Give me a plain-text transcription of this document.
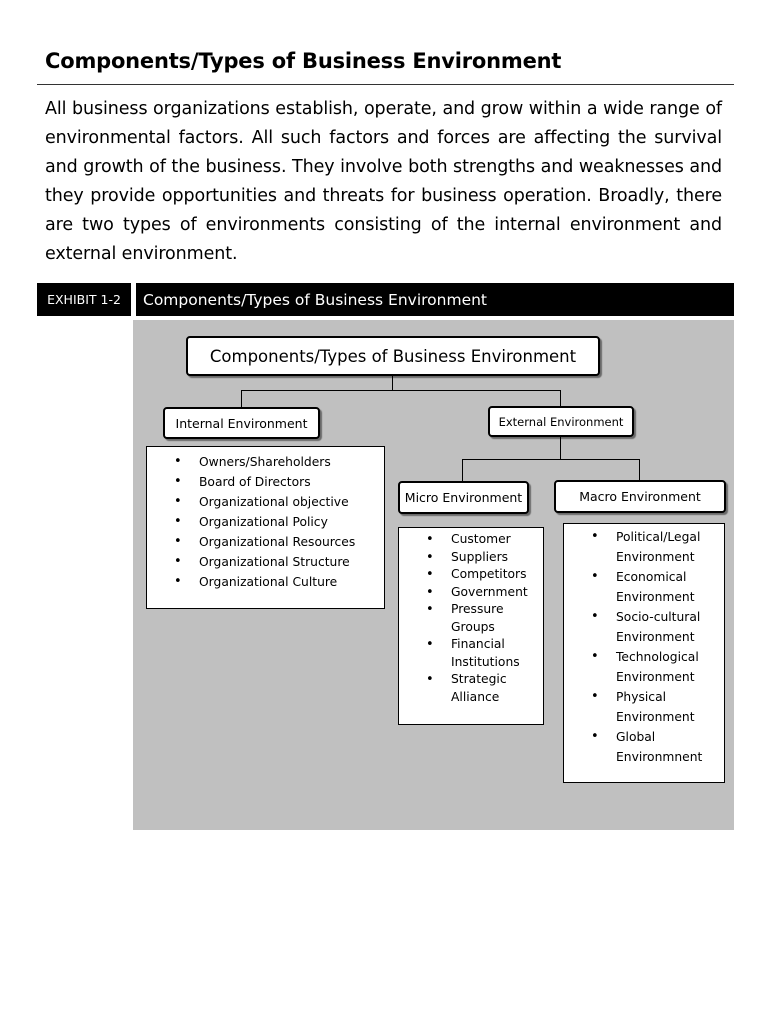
Components/Types of Business Environment

All business organizations establish, operate, and grow within a wide range of environmental factors. All such factors and forces are affecting the survival and growth of the business. They involve both strengths and weaknesses and they provide opportunities and threats for business operation. Broadly, there are two types of environments consisting of the internal environment and external environment.

EXHIBIT 1-2	Components/Types of Business Environment
Components/Types of Business Environment
Internal Environment
• Owners/Shareholders
• Board of Directors
• Organizational objective
• Organizational Policy
• Organizational Resources
• Organizational Structure
• Organizational Culture
External Environment
Micro Environment
• Customer
• Suppliers
• Competitors
• Government
• Pressure Groups
• Financial Institutions
• Strategic Alliance
Macro Environment
• Political/Legal Environment
• Economical Environment
• Socio-cultural Environment
• Technological Environment
• Physical Environment
• Global Environmnent
